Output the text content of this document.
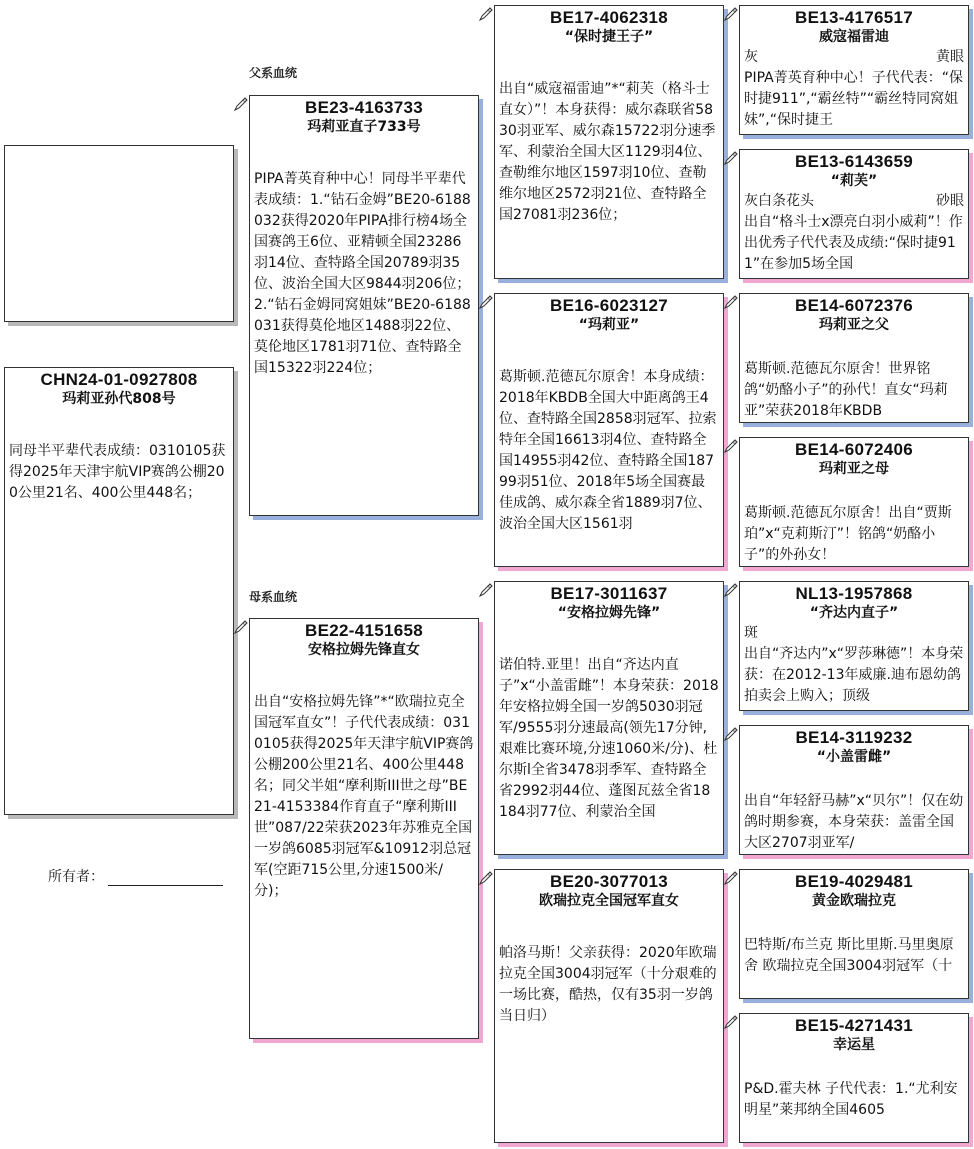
父系血统
母系血统
CHN24-01-0927808
玛莉亚孙代808号
同母半平辈代表成绩：0310105获得2025年天津宇航VIP赛鸽公棚200公里21名、400公里448名；
所有者：
BE23-4163733
玛莉亚直子733号
PIPA菁英育种中心！同母半平辈代表成绩：1.“钻石金姆”BE20-6188032获得2020年PIPA排行榜4场全国赛鸽王6位、亚精顿全国23286羽14位、查特路全国20789羽35位、波治全国大区9844羽206位；2.“钻石金姆同窝姐妹”BE20-6188031获得莫伦地区1488羽22位、莫伦地区1781羽71位、查特路全国15322羽224位；
BE22-4151658
安格拉姆先锋直女
出自“安格拉姆先锋”*“欧瑞拉克全国冠军直女”！子代代表成绩：0310105获得2025年天津宇航VIP赛鸽公棚200公里21名、400公里448名；同父半姐“摩利斯III世之母”BE21-4153384作育直子“摩利斯III世”087/22荣获2023年苏雅克全国一岁鸽6085羽冠军&10912羽总冠军(空距715公里,分速1500米/分)；
BE17-4062318
“保时捷王子”
出自“威寇福雷迪”*“莉芙（格斗士直女）”！本身获得：威尔森联省5830羽亚军、威尔森15722羽分速季军、利蒙治全国大区1129羽4位、查勒维尔地区1597羽10位、查勒维尔地区2572羽21位、查特路全国27081羽236位；
BE16-6023127
“玛莉亚”
葛斯顿.范德瓦尔原舍！本身成绩：2018年KBDB全国大中距离鸽王4位、查特路全国2858羽冠军、拉索特年全国16613羽4位、查特路全国14955羽42位、查特路全国18799羽51位、2018年5场全国赛最佳成鸽、威尔森全省1889羽7位、波治全国大区1561羽
BE17-3011637
“安格拉姆先锋”
诺伯特.亚里！出自“齐达内直子”x“小盖雷雌”！本身荣获：2018年安格拉姆全国一岁鸽5030羽冠军/9555羽分速最高(领先17分钟,艰难比赛环境,分速1060米/分)、杜尔斯l全省3478羽季军、查特路全省2992羽44位、蓬图瓦兹全省18184羽77位、利蒙治全国
BE20-3077013
欧瑞拉克全国冠军直女
帕洛马斯！父亲获得：2020年欧瑞拉克全国3004羽冠军（十分艰难的一场比赛，酷热，仅有35羽一岁鸽当日归）
BE13-4176517
威寇福雷迪
灰	黄眼
PIPA菁英育种中心！子代代表：“保时捷911”,“霸丝特”“霸丝特同窝姐妹”,“保时捷王
BE13-6143659
“莉芙”
灰白条花头	砂眼
出自“格斗士x漂亮白羽小威莉”！作出优秀子代代表及成绩:“保时捷911”在参加5场全国
BE14-6072376
玛莉亚之父
葛斯顿.范德瓦尔原舍！世界铭鸽“奶酪小子”的孙代！直女“玛莉亚”荣获2018年KBDB
BE14-6072406
玛莉亚之母
葛斯顿.范德瓦尔原舍！出自“贾斯珀”x“克莉斯汀”！铭鸽“奶酪小子”的外孙女！
NL13-1957868
“齐达内直子”
斑
出自“齐达内”x“罗莎琳德”！本身荣获：在2012-13年威廉.迪布恩幼鸽拍卖会上购入；顶级
BE14-3119232
“小盖雷雌”
出自“年轻舒马赫”x“贝尔”！仅在幼鸽时期参赛，本身荣获：盖雷全国大区2707羽亚军/
BE19-4029481
黄金欧瑞拉克
巴特斯/布兰克 斯比里斯.马里奥原舍 欧瑞拉克全国3004羽冠军（十
BE15-4271431
幸运星
P&D.霍夫林 子代代表：1.“尤利安明星”莱邦纳全国4605
